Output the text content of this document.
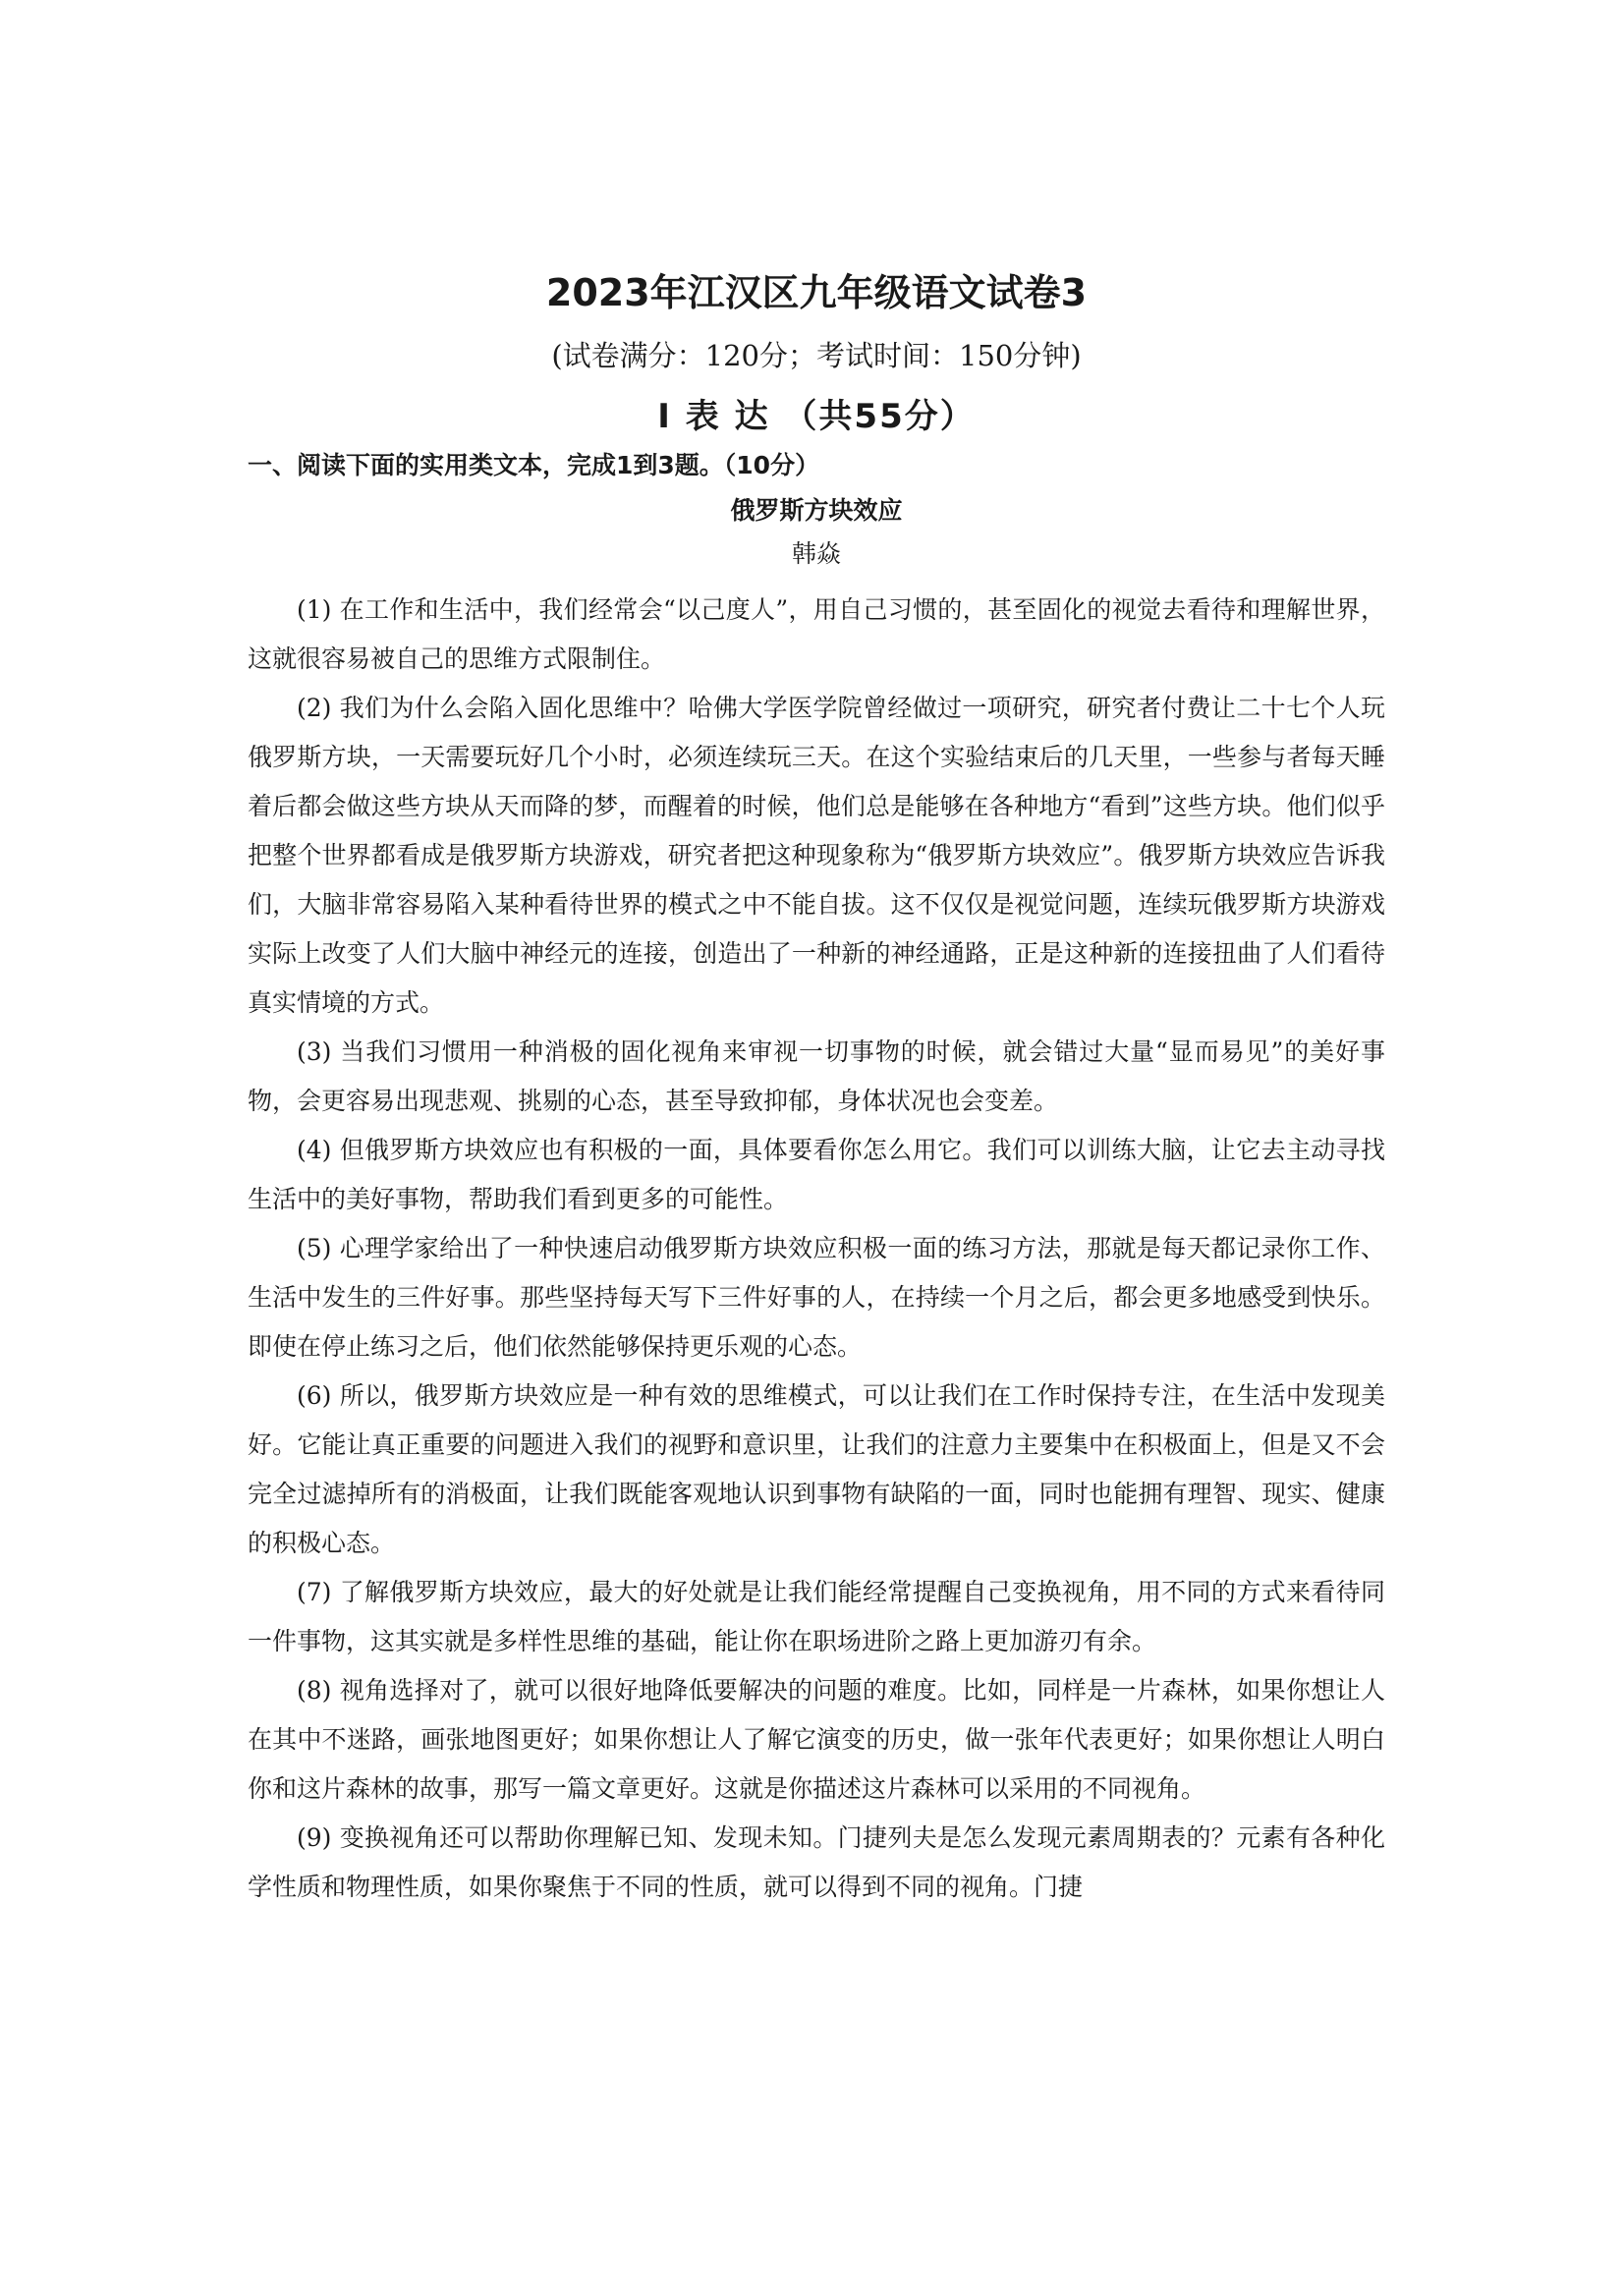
2023年江汉区九年级语文试卷3
(试卷满分：120分；考试时间：150分钟)
Ⅰ 表 达 （共55分）
一、阅读下面的实用类文本，完成1到3题。（10分）
俄罗斯方块效应
韩焱

(1) 在工作和生活中，我们经常会“以己度人”，用自己习惯的，甚至固化的视觉去看待和理解世界，这就很容易被自己的思维方式限制住。

(2) 我们为什么会陷入固化思维中？哈佛大学医学院曾经做过一项研究，研究者付费让二十七个人玩俄罗斯方块，一天需要玩好几个小时，必须连续玩三天。在这个实验结束后的几天里，一些参与者每天睡着后都会做这些方块从天而降的梦，而醒着的时候，他们总是能够在各种地方“看到”这些方块。他们似乎把整个世界都看成是俄罗斯方块游戏，研究者把这种现象称为“俄罗斯方块效应”。俄罗斯方块效应告诉我们，大脑非常容易陷入某种看待世界的模式之中不能自拔。这不仅仅是视觉问题，连续玩俄罗斯方块游戏实际上改变了人们大脑中神经元的连接，创造出了一种新的神经通路，正是这种新的连接扭曲了人们看待真实情境的方式。

(3) 当我们习惯用一种消极的固化视角来审视一切事物的时候，就会错过大量“显而易见”的美好事物，会更容易出现悲观、挑剔的心态，甚至导致抑郁，身体状况也会变差。

(4) 但俄罗斯方块效应也有积极的一面，具体要看你怎么用它。我们可以训练大脑，让它去主动寻找生活中的美好事物，帮助我们看到更多的可能性。

(5) 心理学家给出了一种快速启动俄罗斯方块效应积极一面的练习方法，那就是每天都记录你工作、生活中发生的三件好事。那些坚持每天写下三件好事的人，在持续一个月之后，都会更多地感受到快乐。即使在停止练习之后，他们依然能够保持更乐观的心态。

(6) 所以，俄罗斯方块效应是一种有效的思维模式，可以让我们在工作时保持专注，在生活中发现美好。它能让真正重要的问题进入我们的视野和意识里，让我们的注意力主要集中在积极面上，但是又不会完全过滤掉所有的消极面，让我们既能客观地认识到事物有缺陷的一面，同时也能拥有理智、现实、健康的积极心态。

(7) 了解俄罗斯方块效应，最大的好处就是让我们能经常提醒自己变换视角，用不同的方式来看待同一件事物，这其实就是多样性思维的基础，能让你在职场进阶之路上更加游刃有余。

(8) 视角选择对了，就可以很好地降低要解决的问题的难度。比如，同样是一片森林，如果你想让人在其中不迷路，画张地图更好；如果你想让人了解它演变的历史，做一张年代表更好；如果你想让人明白你和这片森林的故事，那写一篇文章更好。这就是你描述这片森林可以采用的不同视角。

(9) 变换视角还可以帮助你理解已知、发现未知。门捷列夫是怎么发现元素周期表的？元素有各种化学性质和物理性质，如果你聚焦于不同的性质，就可以得到不同的视角。门捷
